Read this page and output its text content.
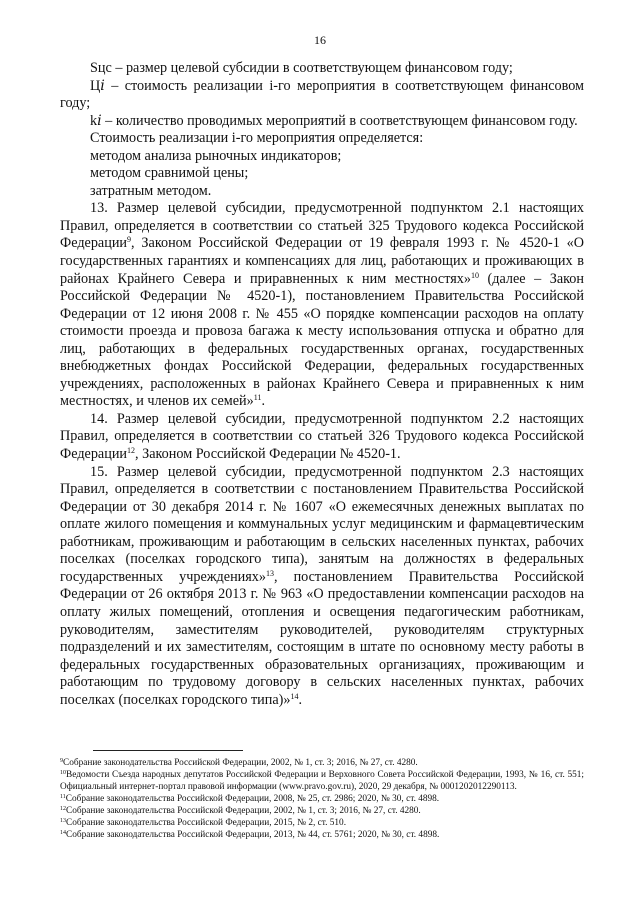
16

Sцс – размер целевой субсидии в соответствующем финансовом году;

Ц𝑖 – стоимость реализации i-го мероприятия в соответствующем финансовом году;

k𝑖 – количество проводимых мероприятий в соответствующем финансовом году.

Стоимость реализации i-го мероприятия определяется:

методом анализа рыночных индикаторов;

методом сравнимой цены;

затратным методом.

13. Размер целевой субсидии, предусмотренной подпунктом 2.1 настоящих Правил, определяется в соответствии со статьей 325 Трудового кодекса Российской Федерации$^9$, Законом Российской Федерации от 19 февраля 1993 г. № 4520-1 «О государственных гарантиях и компенсациях для лиц, работающих и проживающих в районах Крайнего Севера и приравненных к ним местностях»$^{10}$ (далее – Закон Российской Федерации № 4520-1), постановлением Правительства Российской Федерации от 12 июня 2008 г. № 455 «О порядке компенсации расходов на оплату стоимости проезда и провоза багажа к месту использования отпуска и обратно для лиц, работающих в федеральных государственных органах, государственных внебюджетных фондах Российской Федерации, федеральных государственных учреждениях, расположенных в районах Крайнего Севера и приравненных к ним местностях, и членов их семей»$^{11}$.

14. Размер целевой субсидии, предусмотренной подпунктом 2.2 настоящих Правил, определяется в соответствии со статьей 326 Трудового кодекса Российской Федерации$^{12}$, Законом Российской Федерации № 4520-1.

15. Размер целевой субсидии, предусмотренной подпунктом 2.3 настоящих Правил, определяется в соответствии с постановлением Правительства Российской Федерации от 30 декабря 2014 г. № 1607 «О ежемесячных денежных выплатах по оплате жилого помещения и коммунальных услуг медицинским и фармацевтическим работникам, проживающим и работающим в сельских населенных пунктах, рабочих поселках (поселках городского типа), занятым на должностях в федеральных государственных учреждениях»$^{13}$, постановлением Правительства Российской Федерации от 26 октября 2013 г. № 963 «О предоставлении компенсации расходов на оплату жилых помещений, отопления и освещения педагогическим работникам, руководителям, заместителям руководителей, руководителям структурных подразделений и их заместителям, состоящим в штате по основному месту работы в федеральных государственных образовательных организациях, проживающим и работающим по трудовому договору в сельских населенных пунктах, рабочих поселках (поселках городского типа)»$^{14}$.

$^9$Собрание законодательства Российской Федерации, 2002, № 1, ст. 3; 2016, № 27, ст. 4280.

$^{10}$Ведомости Съезда народных депутатов Российской Федерации и Верховного Совета Российской Федерации, 1993, № 16, ст. 551; Официальный интернет-портал правовой информации (www.pravo.gov.ru), 2020, 29 декабря, № 0001202012290113.

$^{11}$Собрание законодательства Российской Федерации, 2008, № 25, ст. 2986; 2020, № 30, ст. 4898.

$^{12}$Собрание законодательства Российской Федерации, 2002, № 1, ст. 3; 2016, № 27, ст. 4280.

$^{13}$Собрание законодательства Российской Федерации, 2015, № 2, ст. 510.

$^{14}$Собрание законодательства Российской Федерации, 2013, № 44, ст. 5761; 2020, № 30, ст. 4898.
